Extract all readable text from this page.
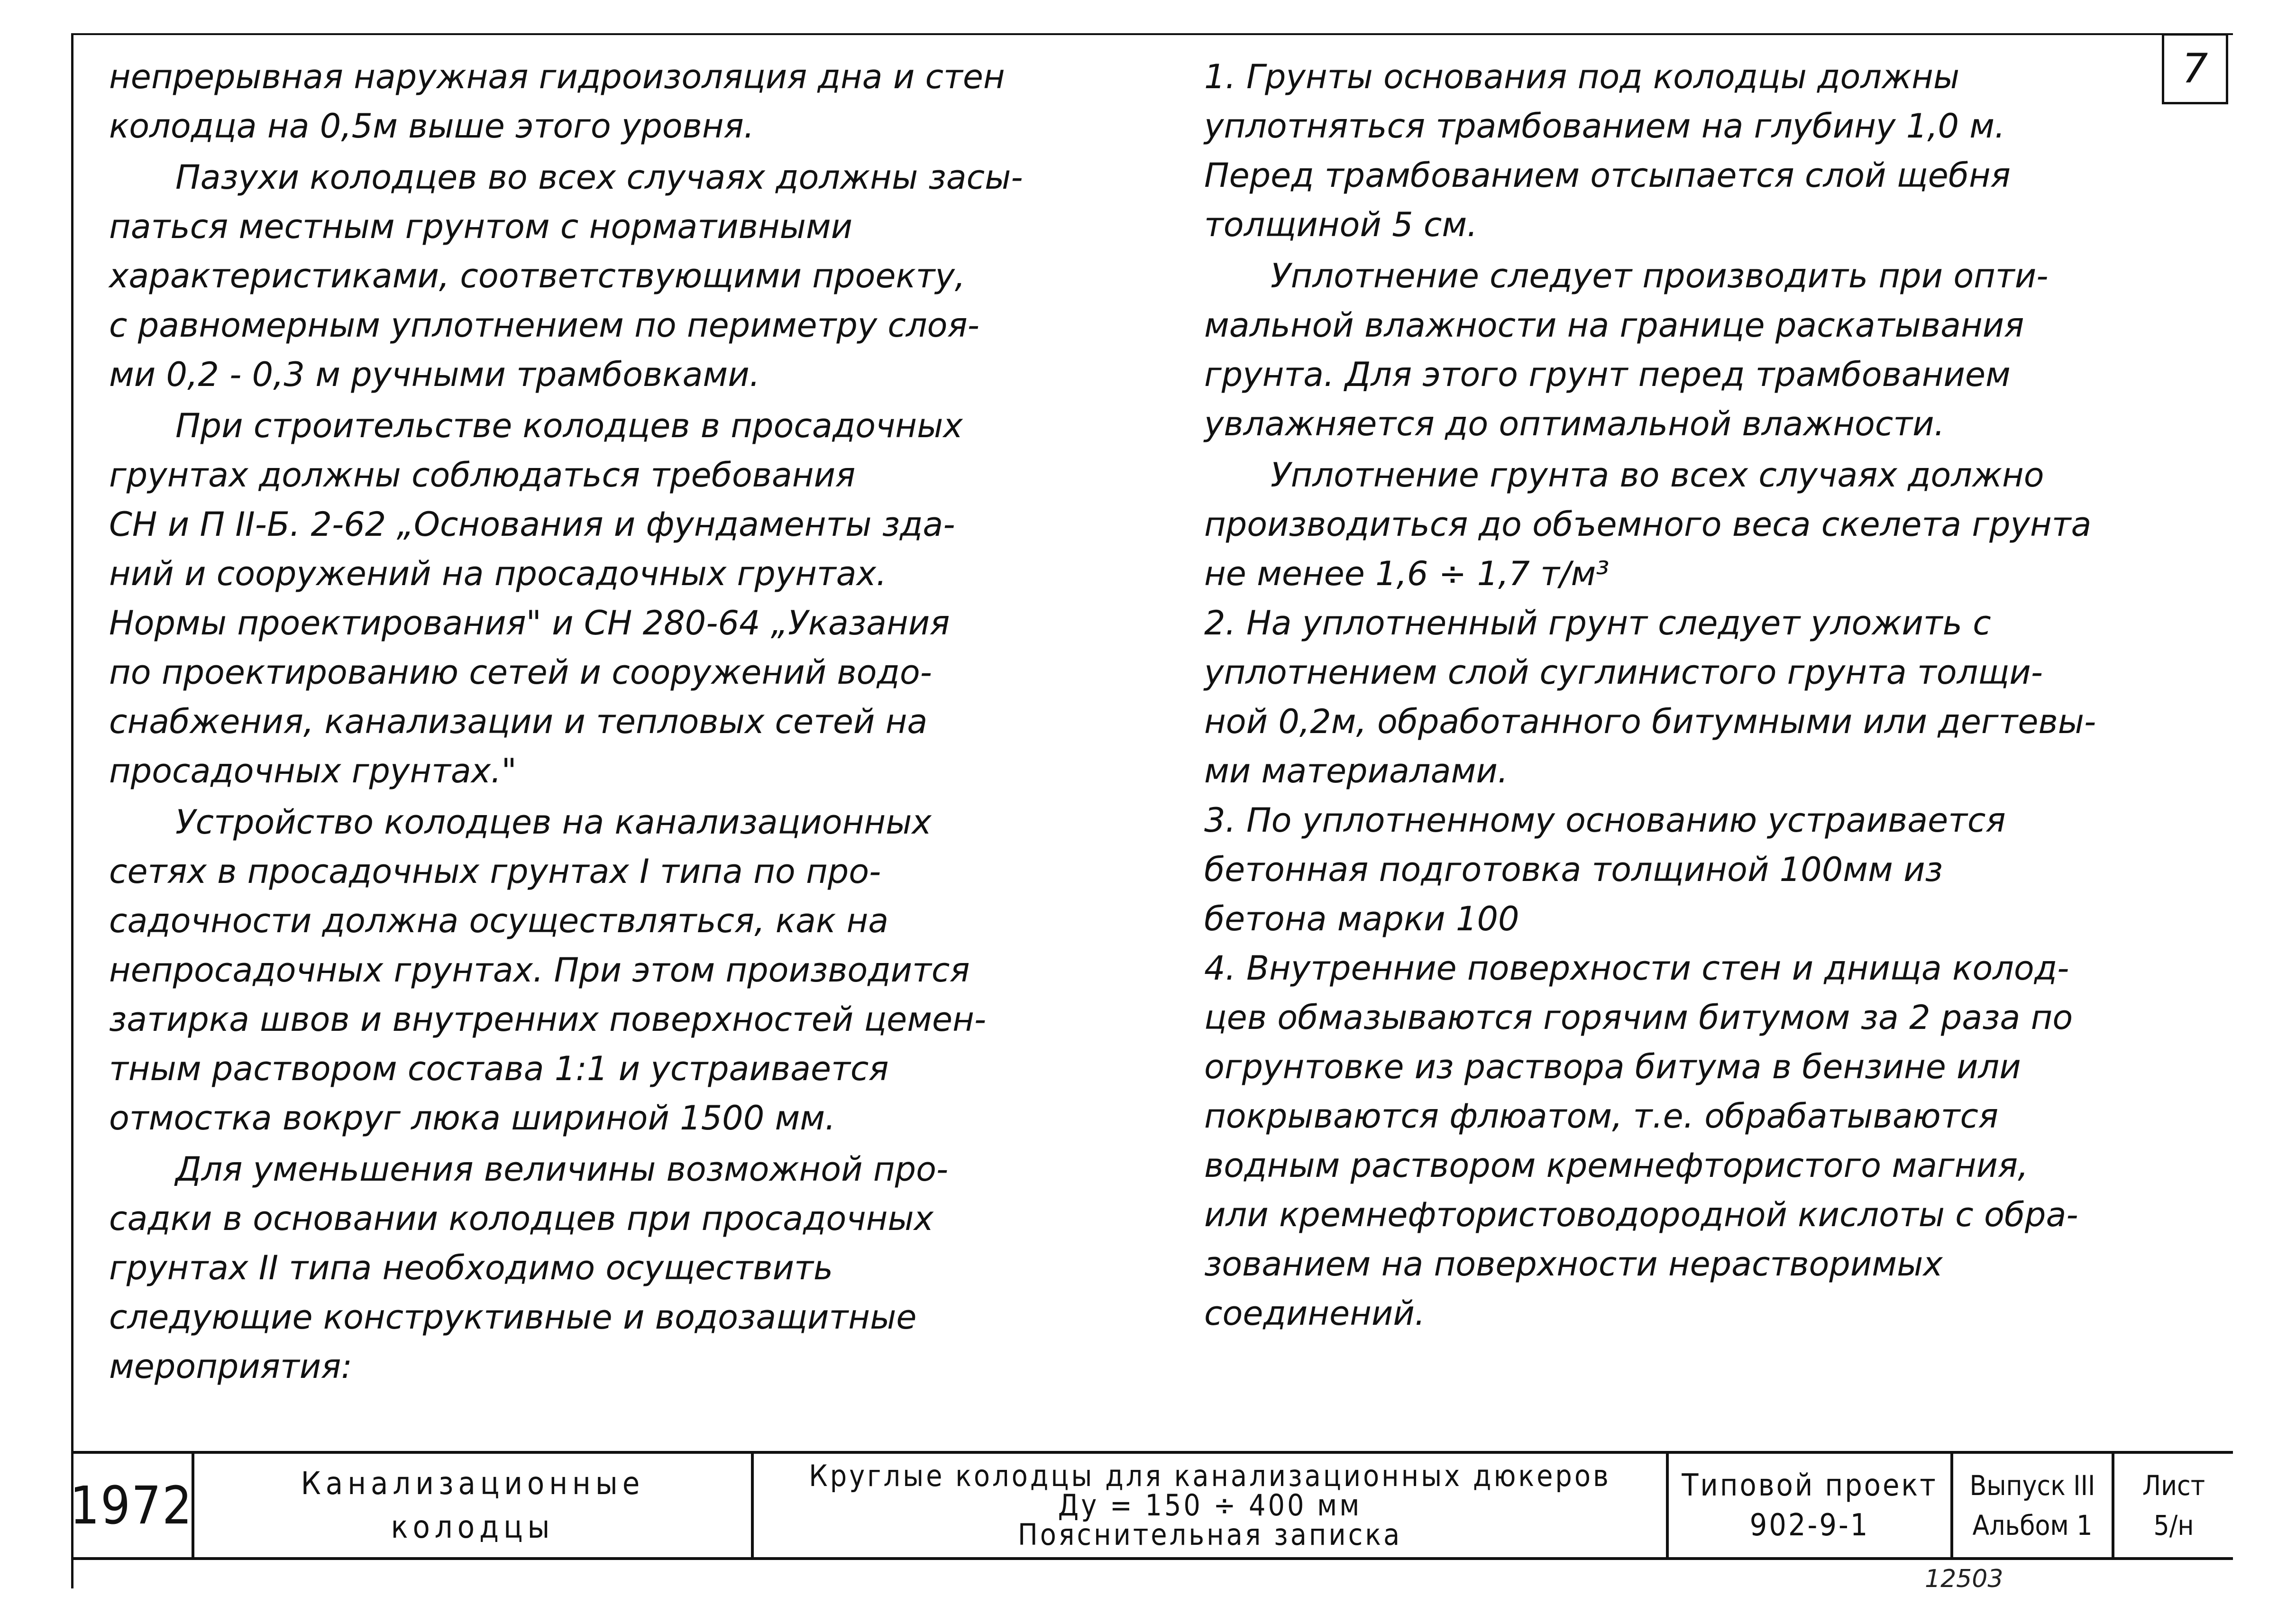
7

непрерывная наружная гидроизоляция дна и стен

колодца на 0,5м выше этого уровня.

Пазухи колодцев во всех случаях должны засы-

паться местным грунтом с нормативными

характеристиками, соответствующими проекту,

с равномерным уплотнением по периметру слоя-

ми 0,2 - 0,3 м ручными трамбовками.

При строительстве колодцев в просадочных

грунтах должны соблюдаться требования

СН и П II-Б. 2-62 „Основания и фундаменты зда-

ний и сооружений на просадочных грунтах.

Нормы проектирования" и СН 280-64 „Указания

по проектированию сетей и сооружений водо-

снабжения, канализации и тепловых сетей на

просадочных грунтах."

Устройство колодцев на канализационных

сетях в просадочных грунтах I типа по про-

садочности должна осуществляться, как на

непросадочных грунтах. При этом производится

затирка швов и внутренних поверхностей цемен-

тным раствором состава 1:1 и устраивается

отмостка вокруг люка шириной 1500 мм.

Для уменьшения величины возможной про-

садки в основании колодцев при просадочных

грунтах II типа необходимо осуществить

следующие конструктивные и водозащитные

мероприятия:

1. Грунты основания под колодцы должны

уплотняться трамбованием на глубину 1,0 м.

Перед трамбованием отсыпается слой щебня

толщиной 5 см.

Уплотнение следует производить при опти-

мальной влажности на границе раскатывания

грунта. Для этого грунт перед трамбованием

увлажняется до оптимальной влажности.

Уплотнение грунта во всех случаях должно

производиться до объемного веса скелета грунта

не менее 1,6 ÷ 1,7 т/м³

2. На уплотненный грунт следует уложить с

уплотнением слой суглинистого грунта толщи-

ной 0,2м, обработанного битумными или дегтевы-

ми материалами.

3. По уплотненному основанию устраивается

бетонная подготовка толщиной 100мм из

бетона марки 100

4. Внутренние поверхности стен и днища колод-

цев обмазываются горячим битумом за 2 раза по

огрунтовке из раствора битума в бензине или

покрываются флюатом, т.е. обрабатываются

водным раствором кремнефтористого магния,

или кремнефтористоводородной кислоты с обра-

зованием на поверхности нерастворимых

соединений.

1972	Канализационные
колодцы
Круглые колодцы для канализационных дюкеров
Ду = 150 ÷ 400 мм
Пояснительная записка
Типовой проект
902-9-1
Выпуск III
Альбом 1
Лист
5/н
12503
